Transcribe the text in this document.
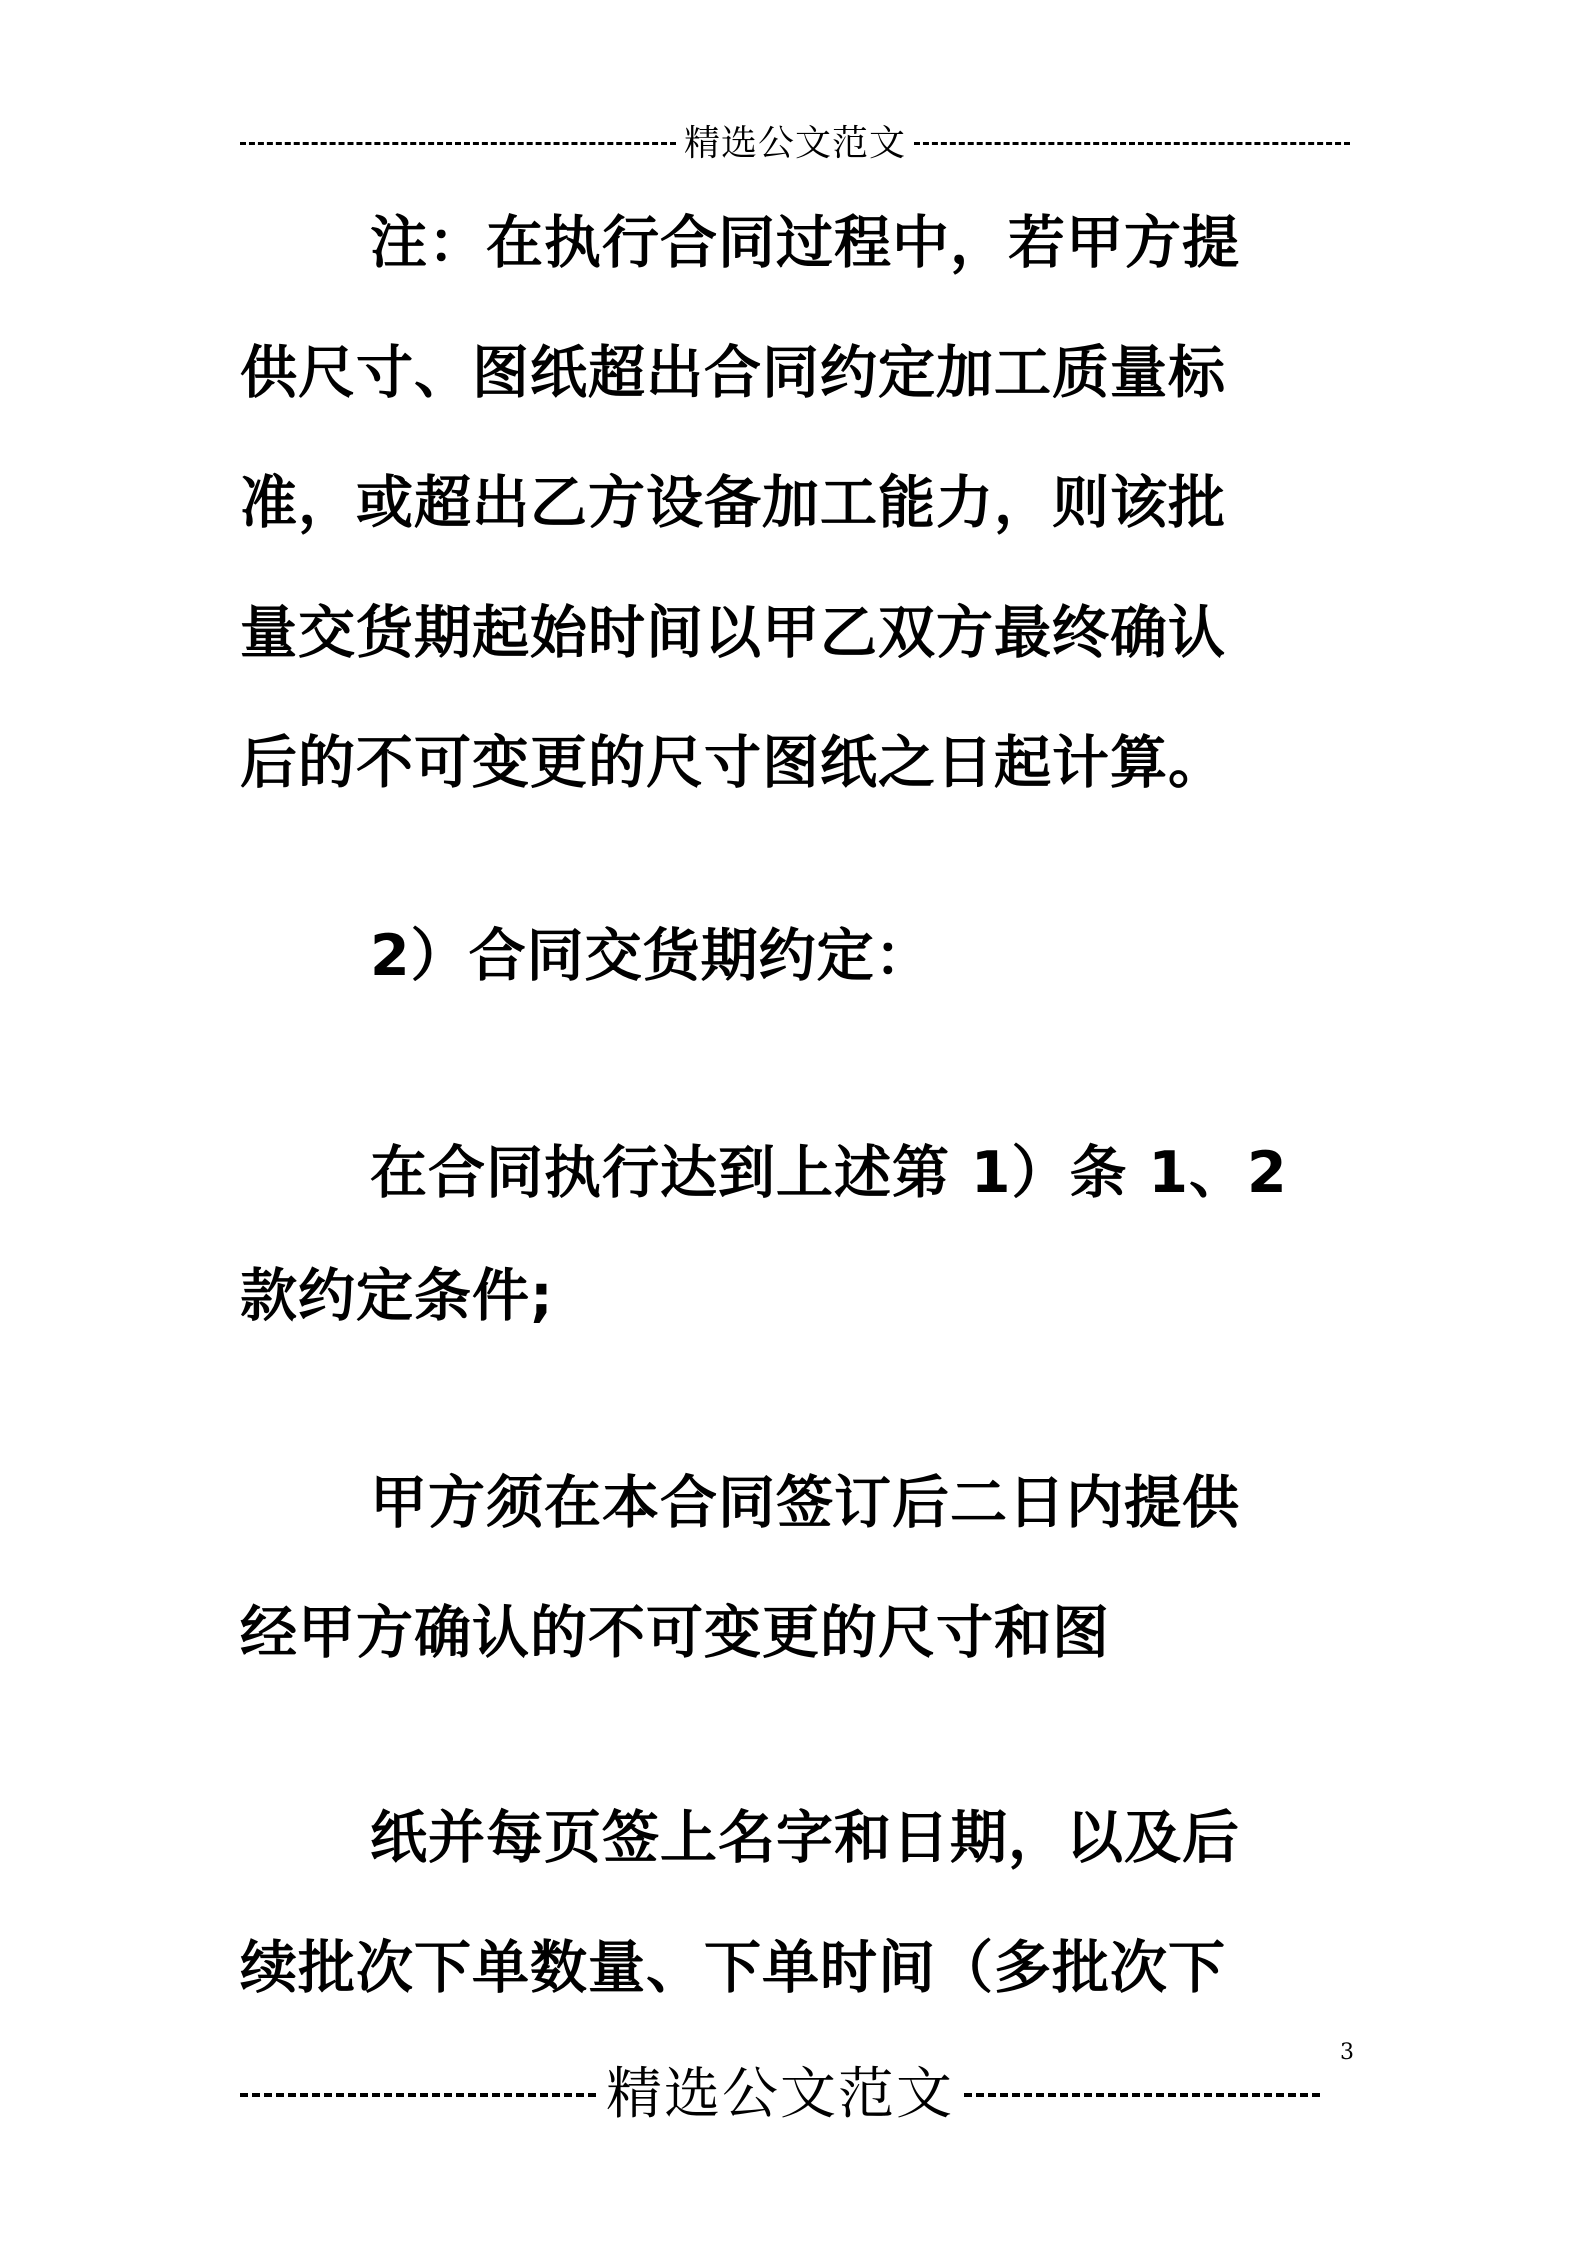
精选公文范文
注：在执行合同过程中，若甲方提
供尺寸、图纸超出合同约定加工质量标
准，或超出乙方设备加工能力，则该批
量交货期起始时间以甲乙双方最终确认
后的不可变更的尺寸图纸之日起计算。
2）合同交货期约定：
在合同执行达到上述第 1）条 1、2
款约定条件;
甲方须在本合同签订后二日内提供
经甲方确认的不可变更的尺寸和图
纸并每页签上名字和日期，以及后
续批次下单数量、下单时间（多批次下
精选公文范文
3
